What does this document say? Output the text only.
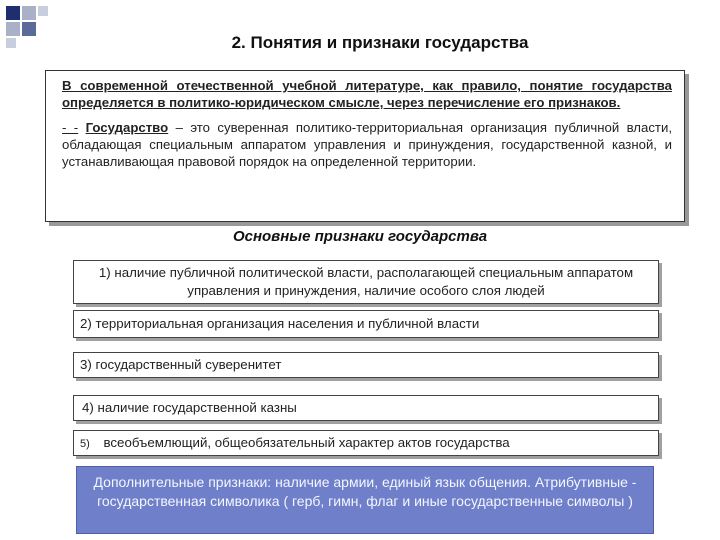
2. Понятия и признаки государства
В современной отечественной учебной литературе, как правило, понятие государства определяется в политико-юридическом смысле, через перечисление его признаков.
- - Государство – это суверенная политико-территориальная организация публичной власти, обладающая специальным аппаратом управления и принуждения, государственной казной, и устанавливающая правовой порядок на определенной территории.
Основные признаки государства
1) наличие публичной политической власти, располагающей специальным аппаратом управления и принуждения, наличие особого слоя людей
2) территориальная организация населения и публичной власти
3) государственный суверенитет
4) наличие государственной казны
5) всеобъемлющий, общеобязательный характер актов государства
Дополнительные признаки: наличие армии, единый язык общения. Атрибутивные - государственная символика ( герб, гимн, флаг и иные государственные символы )
